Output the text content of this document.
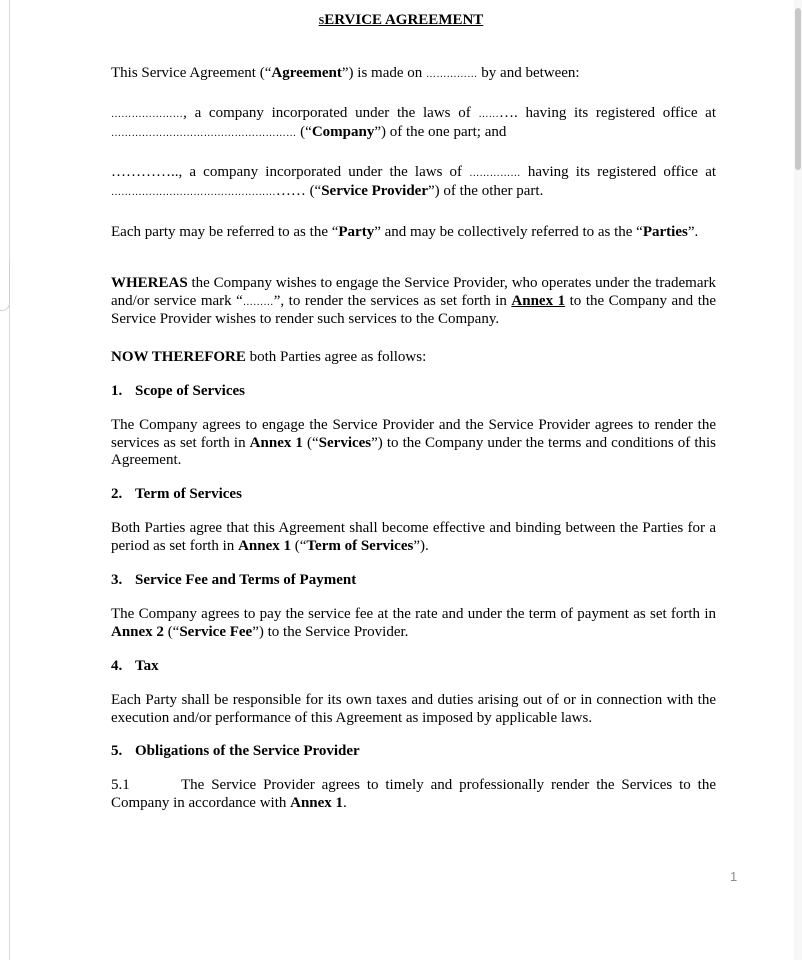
SERVICE AGREEMENT
This Service Agreement (“Agreement”) is made on …………… by and between:
…………………, a company incorporated under the laws of ………. having its registered office at ……………………………………………… (“Company”) of the one part; and
………….., a company incorporated under the laws of …………… having its registered office at ……………………………………………… (“Service Provider”) of the other part.
Each party may be referred to as the “Party” and may be collectively referred to as the “Parties”.
WHEREAS the Company wishes to engage the Service Provider, who operates under the trademark and/or service mark “………”, to render the services as set forth in Annex 1 to the Company and the Service Provider wishes to render such services to the Company.
NOW THEREFORE both Parties agree as follows:
1. Scope of Services
The Company agrees to engage the Service Provider and the Service Provider agrees to render the services as set forth in Annex 1 (“Services”) to the Company under the terms and conditions of this Agreement.
2. Term of Services
Both Parties agree that this Agreement shall become effective and binding between the Parties for a period as set forth in Annex 1 (“Term of Services”).
3. Service Fee and Terms of Payment
The Company agrees to pay the service fee at the rate and under the term of payment as set forth in Annex 2 (“Service Fee”) to the Service Provider.
4. Tax
Each Party shall be responsible for its own taxes and duties arising out of or in connection with the execution and/or performance of this Agreement as imposed by applicable laws.
5. Obligations of the Service Provider
5.1	The Service Provider agrees to timely and professionally render the Services to the Company in accordance with Annex 1.
1
